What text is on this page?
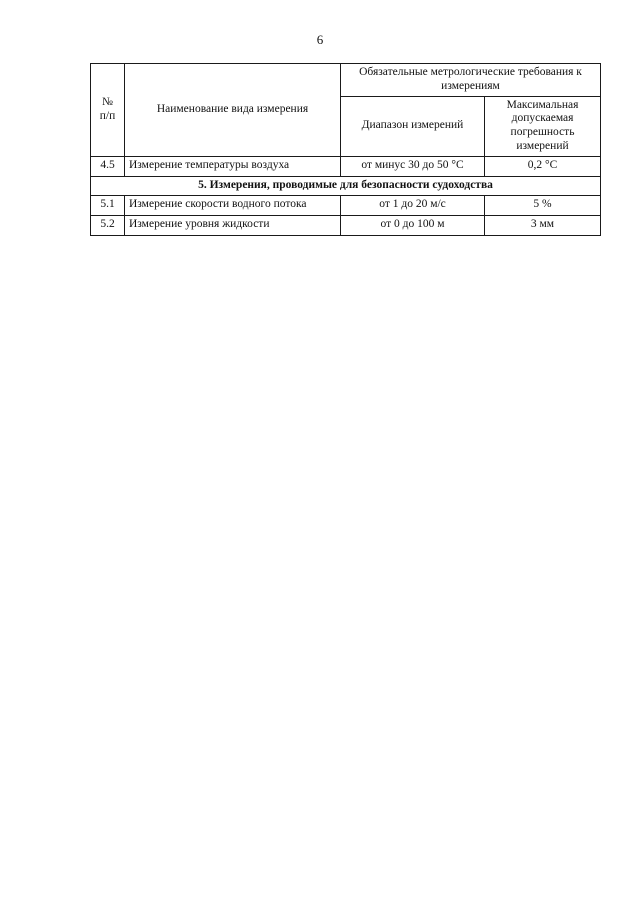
6
№
п/п	Наименование вида измерения	Обязательные метрологические требования к измерениям	
		Диапазон измерений	Максимальная допускаемая погрешность измерений
4.5	Измерение температуры воздуха	от минус 30 до 50 °С	0,2 °С
5. Измерения, проводимые для безопасности судоходства			
5.1	Измерение скорости водного потока	от 1 до 20 м/с	5 %
5.2	Измерение уровня жидкости	от 0 до 100 м	3 мм
